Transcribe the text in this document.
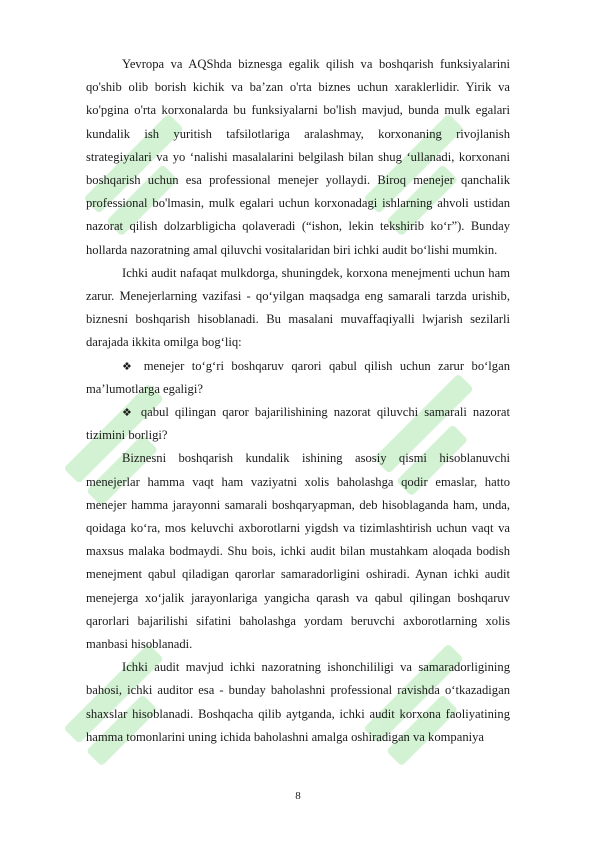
Yevropa va AQShda biznesga egalik qilish va boshqarish funksiyalarini qo'shib olib borish kichik va ba’zan o'rta biznes uchun xaraklerlidir. Yirik va ko'pgina o'rta korxonalarda bu funksiyalarni bo'lish mavjud, bunda mulk egalari kundalik ish yuritish tafsilotlariga aralashmay, korxonaning rivojlanish strategiyalari va yo ‘nalishi masalalarini belgilash bilan shug ‘ullanadi, korxonani boshqarish uchun esa professional menejer yollaydi. Biroq menejer qanchalik professional bo'lmasin, mulk egalari uchun korxonadagi ishlarning ahvoli ustidan nazorat qilish dolzarbligicha qolaveradi (“ishon, lekin tekshirib ko‘r”). Bunday hollarda nazoratning amal qiluvchi vositalaridan biri ichki audit bo‘lishi mumkin.

Ichki audit nafaqat mulkdorga, shuningdek, korxona menejmenti uchun ham zarur. Menejerlarning vazifasi - qo‘yilgan maqsadga eng samarali tarzda urishib, biznesni boshqarish hisoblanadi. Bu masalani muvaffaqiyalli lwjarish sezilarli darajada ikkita omilga bog‘liq:

❖ menejer to‘g‘ri boshqaruv qarori qabul qilish uchun zarur bo‘lgan ma’lumotlarga egaligi?

❖ qabul qilingan qaror bajarilishining nazorat qiluvchi samarali nazorat tizimini borligi?

Biznesni boshqarish kundalik ishining asosiy qismi hisoblanuvchi menejerlar hamma vaqt ham vaziyatni xolis baholashga qodir emaslar, hatto menejer hamma jarayonni samarali boshqaryapman, deb hisoblaganda ham, unda, qoidaga ko‘ra, mos keluvchi axborotlarni yigdsh va tizimlashtirish uchun vaqt va maxsus malaka bodmaydi. Shu bois, ichki audit bilan mustahkam aloqada bodish menejment qabul qiladigan qarorlar samaradorligini oshiradi. Aynan ichki audit menejerga xo‘jalik jarayonlariga yangicha qarash va qabul qilingan boshqaruv qarorlari bajarilishi sifatini baholashga yordam beruvchi axborotlarning xolis manbasi hisoblanadi.

Ichki audit mavjud ichki nazoratning ishonchililigi va samaradorligining bahosi, ichki auditor esa - bunday baholashni professional ravishda o‘tkazadigan shaxslar hisoblanadi. Boshqacha qilib aytganda, ichki audit korxona faoliyatining hamma tomonlarini uning ichida baholashni amalga oshiradigan va kompaniya

8
